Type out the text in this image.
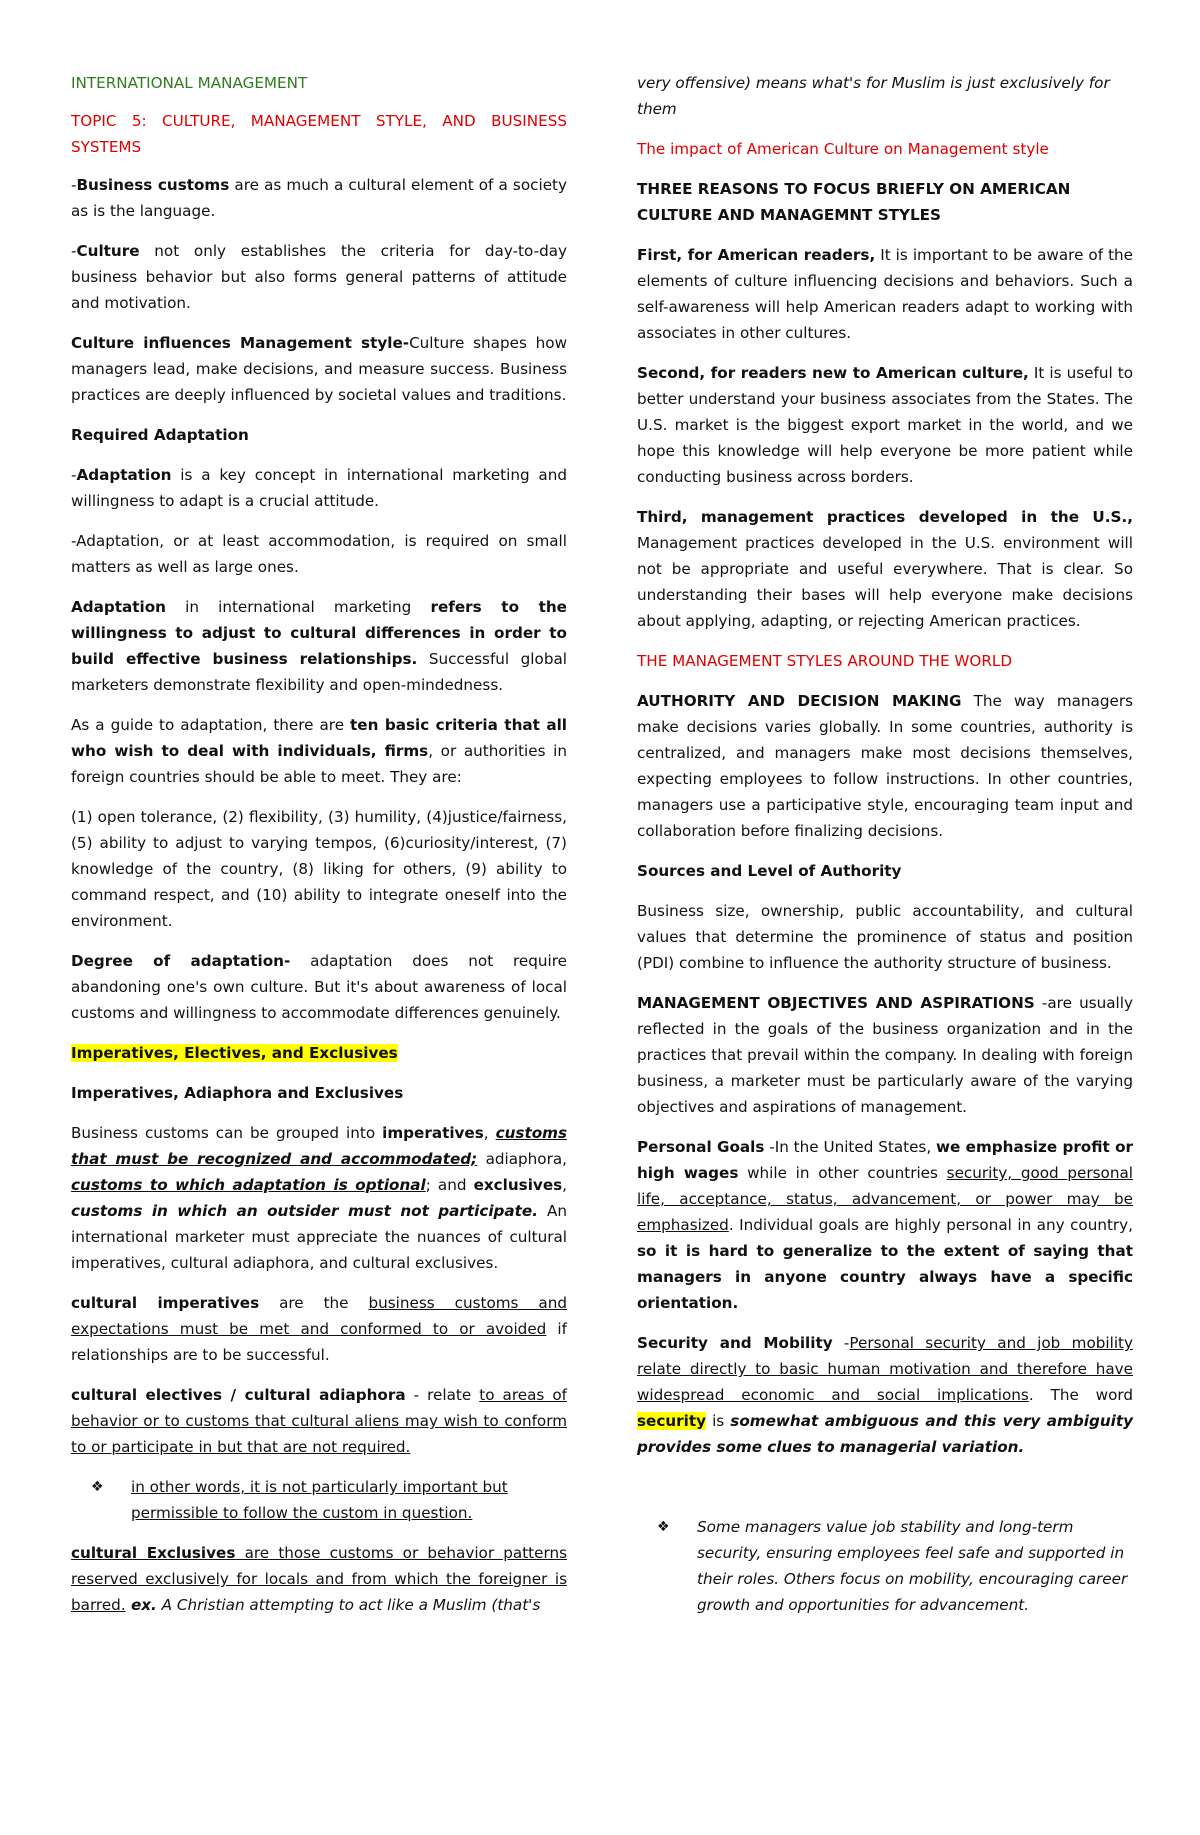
INTERNATIONAL MANAGEMENT

TOPIC 5: CULTURE, MANAGEMENT STYLE, AND BUSINESS SYSTEMS

-Business customs are as much a cultural element of a society as is the language.

-Culture not only establishes the criteria for day-to-day business behavior but also forms general patterns of attitude and motivation.

Culture influences Management style-Culture shapes how managers lead, make decisions, and measure success. Business practices are deeply influenced by societal values and traditions.

Required Adaptation

-Adaptation is a key concept in international marketing and willingness to adapt is a crucial attitude.

-Adaptation, or at least accommodation, is required on small matters as well as large ones.

Adaptation in international marketing refers to the willingness to adjust to cultural differences in order to build effective business relationships. Successful global marketers demonstrate flexibility and open-mindedness.

As a guide to adaptation, there are ten basic criteria that all who wish to deal with individuals, firms, or authorities in foreign countries should be able to meet. They are:

(1) open tolerance, (2) flexibility, (3) humility, (4)justice/fairness, (5) ability to adjust to varying tempos, (6)curiosity/interest, (7) knowledge of the country, (8) liking for others, (9) ability to command respect, and (10) ability to integrate oneself into the environment.

Degree of adaptation- adaptation does not require abandoning one's own culture. But it's about awareness of local customs and willingness to accommodate differences genuinely.

Imperatives, Electives, and Exclusives

Imperatives, Adiaphora and Exclusives

Business customs can be grouped into imperatives, customs that must be recognized and accommodated; adiaphora, customs to which adaptation is optional; and exclusives, customs in which an outsider must not participate. An international marketer must appreciate the nuances of cultural imperatives, cultural adiaphora, and cultural exclusives.

cultural imperatives are the business customs and expectations must be met and conformed to or avoided if relationships are to be successful.

cultural electives / cultural adiaphora - relate to areas of behavior or to customs that cultural aliens may wish to conform to or participate in but that are not required.

❖	in other words, it is not particularly important but permissible to follow the custom in question.

cultural Exclusives are those customs or behavior patterns reserved exclusively for locals and from which the foreigner is barred. ex. A Christian attempting to act like a Muslim (that's

very offensive) means what's for Muslim is just exclusively for them

The impact of American Culture on Management style

THREE REASONS TO FOCUS BRIEFLY ON AMERICAN CULTURE AND MANAGEMNT STYLES

First, for American readers, It is important to be aware of the elements of culture influencing decisions and behaviors. Such a self-awareness will help American readers adapt to working with associates in other cultures.

Second, for readers new to American culture, It is useful to better understand your business associates from the States. The U.S. market is the biggest export market in the world, and we hope this knowledge will help everyone be more patient while conducting business across borders.

Third, management practices developed in the U.S., Management practices developed in the U.S. environment will not be appropriate and useful everywhere. That is clear. So understanding their bases will help everyone make decisions about applying, adapting, or rejecting American practices.

THE MANAGEMENT STYLES AROUND THE WORLD

AUTHORITY AND DECISION MAKING The way managers make decisions varies globally. In some countries, authority is centralized, and managers make most decisions themselves, expecting employees to follow instructions. In other countries, managers use a participative style, encouraging team input and collaboration before finalizing decisions.

Sources and Level of Authority

Business size, ownership, public accountability, and cultural values that determine the prominence of status and position (PDI) combine to influence the authority structure of business.

MANAGEMENT OBJECTIVES AND ASPIRATIONS -are usually reflected in the goals of the business organization and in the practices that prevail within the company. In dealing with foreign business, a marketer must be particularly aware of the varying objectives and aspirations of management.

Personal Goals -In the United States, we emphasize profit or high wages while in other countries security, good personal life, acceptance, status, advancement, or power may be emphasized. Individual goals are highly personal in any country, so it is hard to generalize to the extent of saying that managers in anyone country always have a specific orientation.

Security and Mobility -Personal security and job mobility relate directly to basic human motivation and therefore have widespread economic and social implications. The word security is somewhat ambiguous and this very ambiguity provides some clues to managerial variation.

❖	Some managers value job stability and long-term security, ensuring employees feel safe and supported in their roles. Others focus on mobility, encouraging career growth and opportunities for advancement.
